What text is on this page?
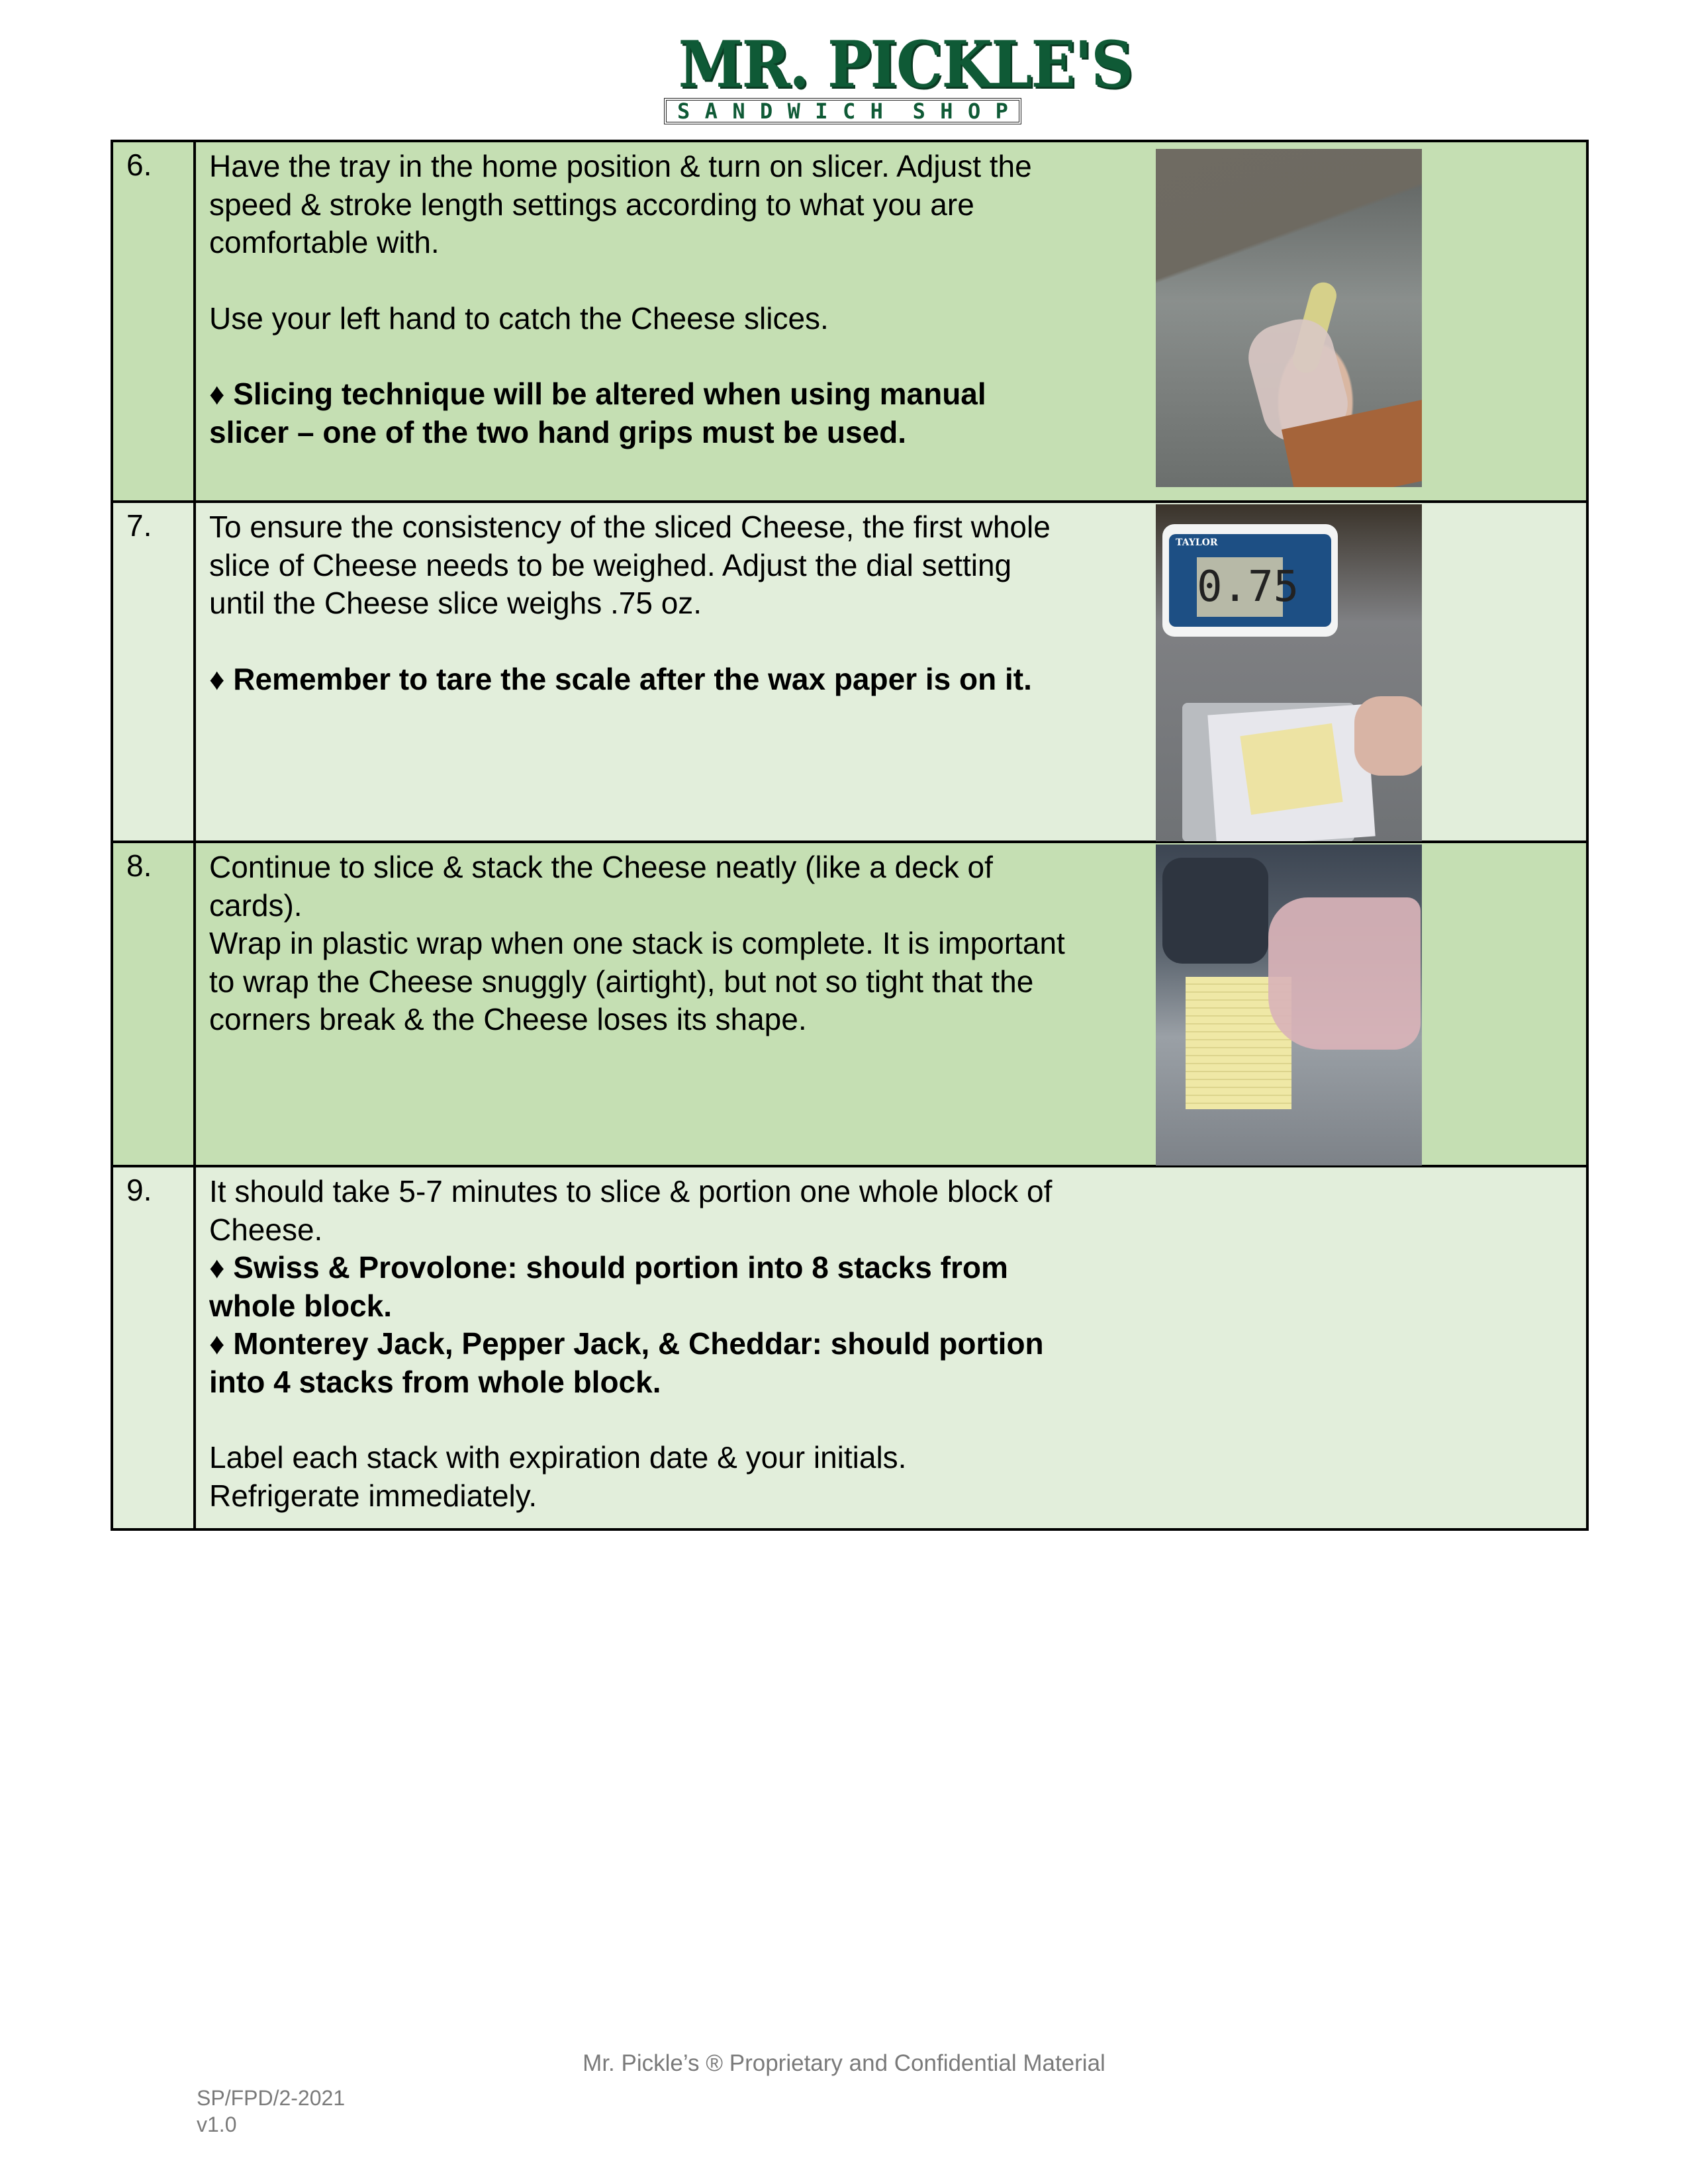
MR. PICKLE'S
S A N D W I C H S H O P
6.	Have the tray in the home position & turn on slicer. Adjust the speed & stroke length settings according to what you are comfortable with.

Use your left hand to catch the Cheese slices.

♦ Slicing technique will be altered when using manual slicer – one of the two hand grips must be used.

7.	To ensure the consistency of the sliced Cheese, the first whole slice of Cheese needs to be weighed. Adjust the dial setting until the Cheese slice weighs .75 oz.

♦ Remember to tare the scale after the wax paper is on it.

TAYLOR
0.75

8.	Continue to slice & stack the Cheese neatly (like a deck of cards).

Wrap in plastic wrap when one stack is complete. It is important to wrap the Cheese snuggly (airtight), but not so tight that the corners break & the Cheese loses its shape.

9.	It should take 5-7 minutes to slice & portion one whole block of Cheese.

♦ Swiss & Provolone: should portion into 8 stacks from whole block.

♦ Monterey Jack, Pepper Jack, & Cheddar: should portion into 4 stacks from whole block.

Label each stack with expiration date & your initials.

Refrigerate immediately.

Mr. Pickle’s ® Proprietary and Confidential Material
SP/FPD/2-2021
v1.0
